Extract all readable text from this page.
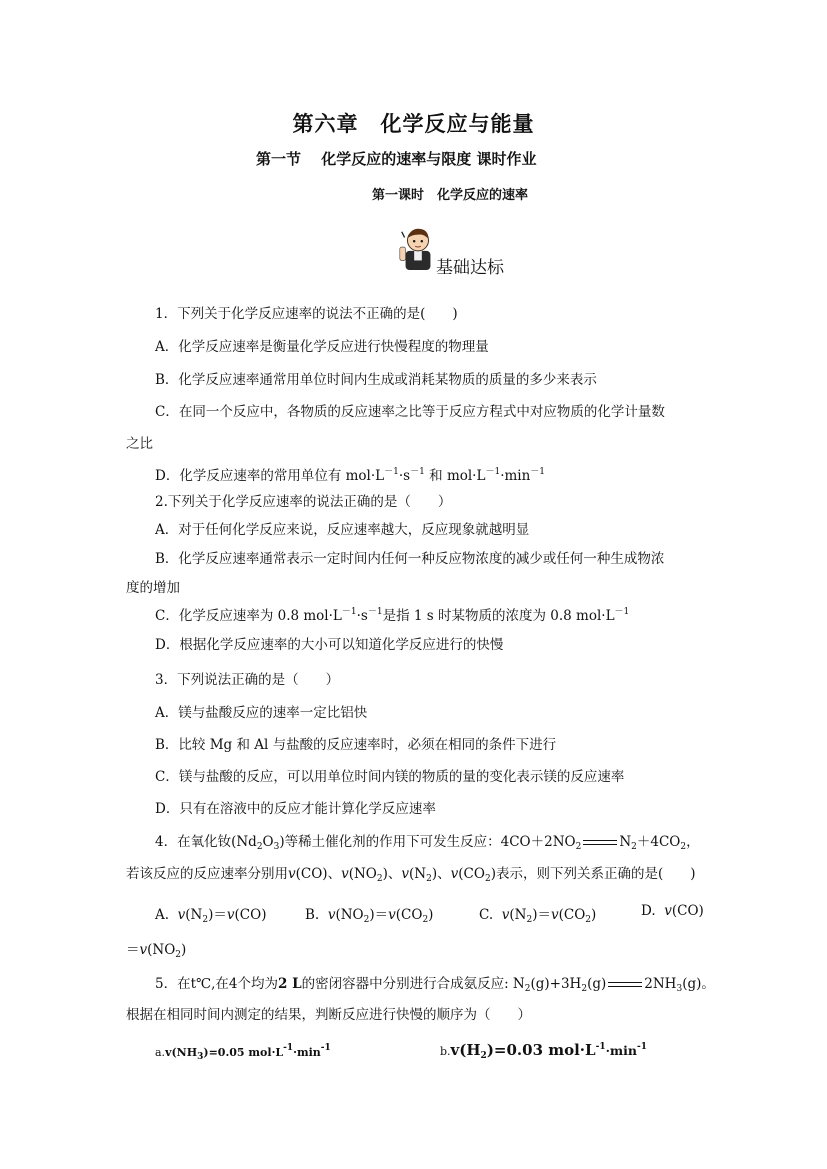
第六章　化学反应与能量
第一节　 化学反应的速率与限度 课时作业
第一课时　化学反应的速率
基础达标
1．下列关于化学反应速率的说法不正确的是(　　)
A．化学反应速率是衡量化学反应进行快慢程度的物理量
B．化学反应速率通常用单位时间内生成或消耗某物质的质量的多少来表示
C．在同一个反应中，各物质的反应速率之比等于反应方程式中对应物质的化学计量数
之比
D．化学反应速率的常用单位有 $mol\cdot L^{-1}\cdot s^{-1}$ 和 $mol\cdot L^{-1}\cdot\min^{-1}$
2.下列关于化学反应速率的说法正确的是（　　）
A．对于任何化学反应来说，反应速率越大，反应现象就越明显
B．化学反应速率通常表示一定时间内任何一种反应物浓度的减少或任何一种生成物浓
度的增加
C．化学反应速率为 0.8 $mol\cdot L^{-1}\cdot s^{-1}$是指 1 s 时某物质的浓度为 0.8 $mol\cdot L^{-1}$
D．根据化学反应速率的大小可以知道化学反应进行的快慢
3．下列说法正确的是（　　）
A．镁与盐酸反应的速率一定比铝快
B．比较 Mg 和 Al 与盐酸的反应速率时，必须在相同的条件下进行
C．镁与盐酸的反应，可以用单位时间内镁的物质的量的变化表示镁的反应速率
D．只有在溶液中的反应才能计算化学反应速率
4．在氧化钕$(Nd_2O_3)$等稀土催化剂的作用下可发生反应：$4CO+2NO_2$	$N_2+4CO_2$，
若该反应的反应速率分别用v(CO)、$v(NO_2)$、$v(N_2)$、$v(CO_2)$表示，则下列关系正确的是(　　)
A. $v(N_2)=v(CO)$	B. $v(NO_2)=v(CO_2)$	C. $v(N_2)=v(CO_2)$	D. v(CO)
$=v(NO_2)$
5．在t℃,在4个均为2 L的密闭容器中分别进行合成氨反应: $N_2(g)+3H_2(g)$	$2NH_3(g)$。
根据在相同时间内测定的结果，判断反应进行快慢的顺序为（　　）
$a.v(NH_3)=0.05$ $mol\cdot L^{-1}\cdot\min^{-1}$	$b.v(H_2)=0.03$ $mol\cdot L^{-1}\cdot\min^{-1}$
